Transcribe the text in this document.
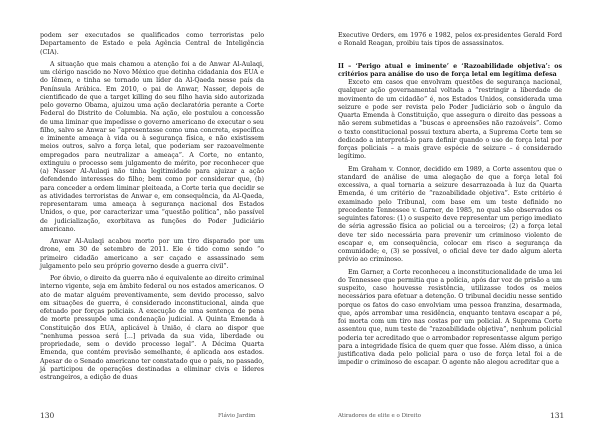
podem ser executados se qualificados como terroristas pelo Departamento de Estado e pela Agência Central de Inteligência (CIA).

A situação que mais chamou a atenção foi a de Anwar Al-Aulaqi, um clérigo nascido no Novo México que detinha cidadania dos EUA e do Iêmen, e tinha se tornado um líder da Al-Qaeda nesse país da Península Arábica. Em 2010, o pai de Anwar, Nasser, depois de cientificado de que a target killing do seu filho havia sido autorizada pelo governo Obama, ajuizou uma ação declaratória perante a Corte Federal do Distrito de Columbia. Na ação, ele postulou a concessão de uma liminar que impedisse o governo americano de executar o seu filho, salvo se Anwar se “apresentasse como uma concreta, específica e iminente ameaça à vida ou à segurança física, e não existissem meios outros, salvo a força letal, que poderiam ser razoavelmente empregados para neutralizar a ameaça”. A Corte, no entanto, extinguiu o processo sem julgamento de mérito, por reconhecer que (a) Nasser Al-Aulaqi não tinha legitimidade para ajuizar a ação defendendo interesses do filho; bem como por considerar que, (b) para conceder a ordem liminar pleiteada, a Corte teria que decidir se as atividades terroristas de Anwar e, em consequência, da Al-Qaeda, representaram uma ameaça à segurança nacional dos Estados Unidos, o que, por caracterizar uma “questão política”, não passível de judicialização, exorbitava as funções do Poder Judiciário americano.

Anwar Al-Aulaqi acabou morto por um tiro disparado por um drone, em 30 de setembro de 2011. Ele é tido como sendo “o primeiro cidadão americano a ser caçado e assassinado sem julgamento pelo seu próprio governo desde a guerra civil”.

Por óbvio, o direito da guerra não é equivalente ao direito criminal interno vigente, seja em âmbito federal ou nos estados americanos. O ato de matar alguém preventivamente, sem devido processo, salvo em situações de guerra, é considerado inconstitucional, ainda que efetuado por forças policiais. A execução de uma sentença de pena de morte pressupõe uma condenação judicial. A Quinta Emenda à Constituição dos EUA, aplicável à União, é clara ao dispor que “nenhuma pessoa será [...] privada da sua vida, liberdade ou propriedade, sem o devido processo legal”. A Décima Quarta Emenda, que contém previsão semelhante, é aplicada aos estados. Apesar de o Senado americano ter constatado que o país, no passado, já participou de operações destinadas a eliminar civis e líderes estrangeiros, a edição de duas

130	Flávio Jardim

Executive Orders, em 1976 e 1982, pelos ex-presidentes Gerald Ford e Ronald Reagan, proibiu tais tipos de assassinatos.

II – ‘Perigo atual e iminente’ e ‘Razoabilidade objetiva’: os critérios para análise do uso de força letal em legítima defesa

Exceto em casos que envolvam questões de segurança nacional, qualquer ação governamental voltada a “restringir a liberdade de movimento de um cidadão” é, nos Estados Unidos, considerada uma seizure e pode ser revista pelo Poder Judiciário sob o ângulo da Quarta Emenda à Constituição, que assegura o direito das pessoas a não serem submetidas a “buscas e apreensões não razoáveis”. Como o texto constitucional possui textura aberta, a Suprema Corte tem se dedicado a interpretá-lo para definir quando o uso de força letal por forças policiais – a mais grave espécie de seizure – é considerado legítimo.

Em Graham v. Connor, decidido em 1989, a Corte assentou que o standard de análise de uma alegação de que a força letal foi excessiva, a qual tornaria a seizure desarrazoada à luz da Quarta Emenda, é um critério de “razoabilidade objetiva”. Este critério é examinado pelo Tribunal, com base em um teste definido no precedente Tennessee v. Garner, de 1985, no qual são observados os seguintes fatores: (1) o suspeito deve representar um perigo imediato de séria agressão física ao policial ou a terceiros; (2) a força letal deve ter sido necessária para prevenir um criminoso violento de escapar e, em consequência, colocar em risco a segurança da comunidade; e, (3) se possível, o oficial deve ter dado algum alerta prévio ao criminoso.

Em Garner, a Corte reconheceu a inconstitucionalidade de uma lei do Tennessee que permitia que a polícia, após dar voz de prisão a um suspeito, caso houvesse resistência, utilizasse todos os meios necessários para efetuar a detenção. O tribunal decidiu nesse sentido porque os fatos do caso envolviam uma pessoa franzina, desarmada, que, após arrombar uma residência, enquanto tentava escapar a pé, foi morta com um tiro nas costas por um policial. A Suprema Corte assentou que, num teste de “razoabilidade objetiva”, nenhum policial poderia ter acreditado que o arrombador representasse algum perigo para a integridade física de quem quer que fosse. Além disso, a única justificativa dada pelo policial para o uso de força letal foi a de impedir o criminoso de escapar. O agente não alegou acreditar que a

Atiradores de elite e o Direito	131
